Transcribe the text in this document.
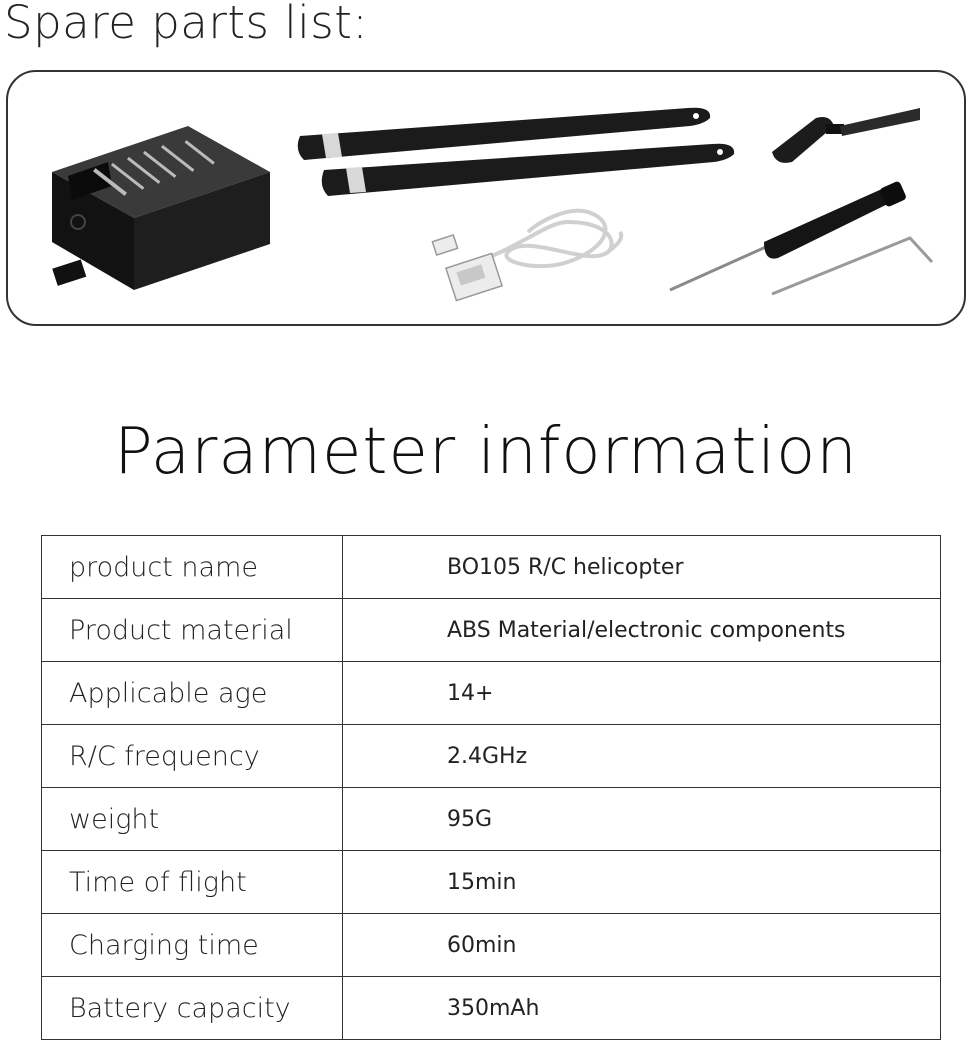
Spare parts list:
Parameter information
product name	BO105 R/C helicopter
Product material	ABS Material/electronic components
Applicable age	14+
R/C frequency	2.4GHz
weight	95G
Time of flight	15min
Charging time	60min
Battery capacity	350mAh
